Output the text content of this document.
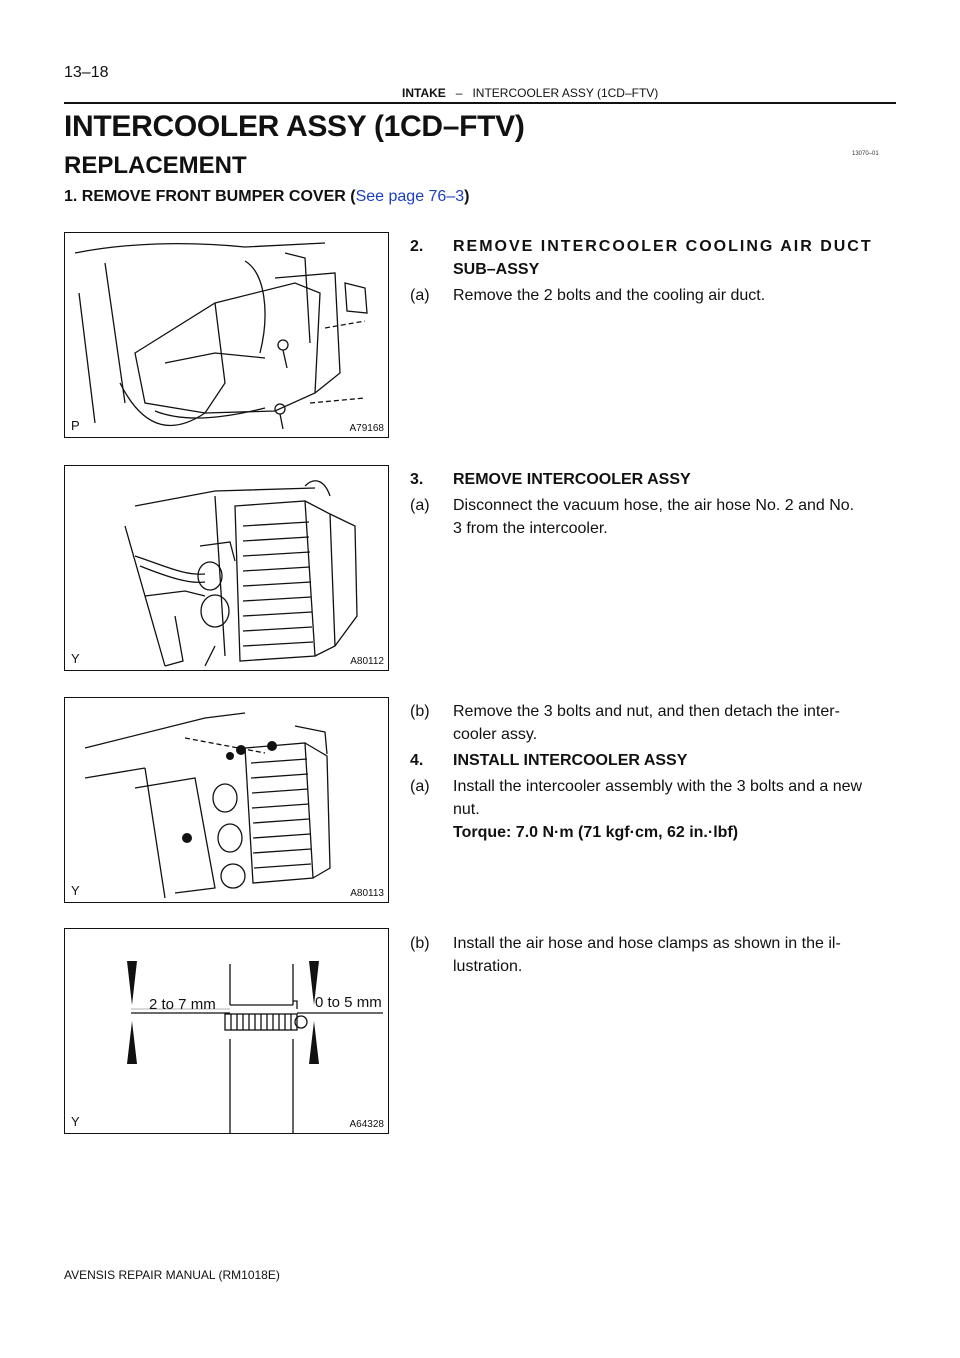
13–18
INTAKE – INTERCOOLER ASSY (1CD–FTV)
INTERCOOLER ASSY (1CD–FTV)
REPLACEMENT	13070–01
1. REMOVE FRONT BUMPER COVER (See page 76–3)
P	A79168
Y	A80112
Y	A80113
2 to 7 mm	0 to 5 mm
Y	A64328
2. REMOVE INTERCOOLER COOLING AIR DUCT
SUB–ASSY
(a) Remove the 2 bolts and the cooling air duct.
3. REMOVE INTERCOOLER ASSY
(a) Disconnect the vacuum hose, the air hose No. 2 and No.
3 from the intercooler.
(b) Remove the 3 bolts and nut, and then detach the inter-
cooler assy.
4. INSTALL INTERCOOLER ASSY
(a) Install the intercooler assembly with the 3 bolts and a new
nut.
Torque: 7.0 N·m (71 kgf·cm, 62 in.·lbf)
(b) Install the air hose and hose clamps as shown in the il-
lustration.
AVENSIS REPAIR MANUAL (RM1018E)
